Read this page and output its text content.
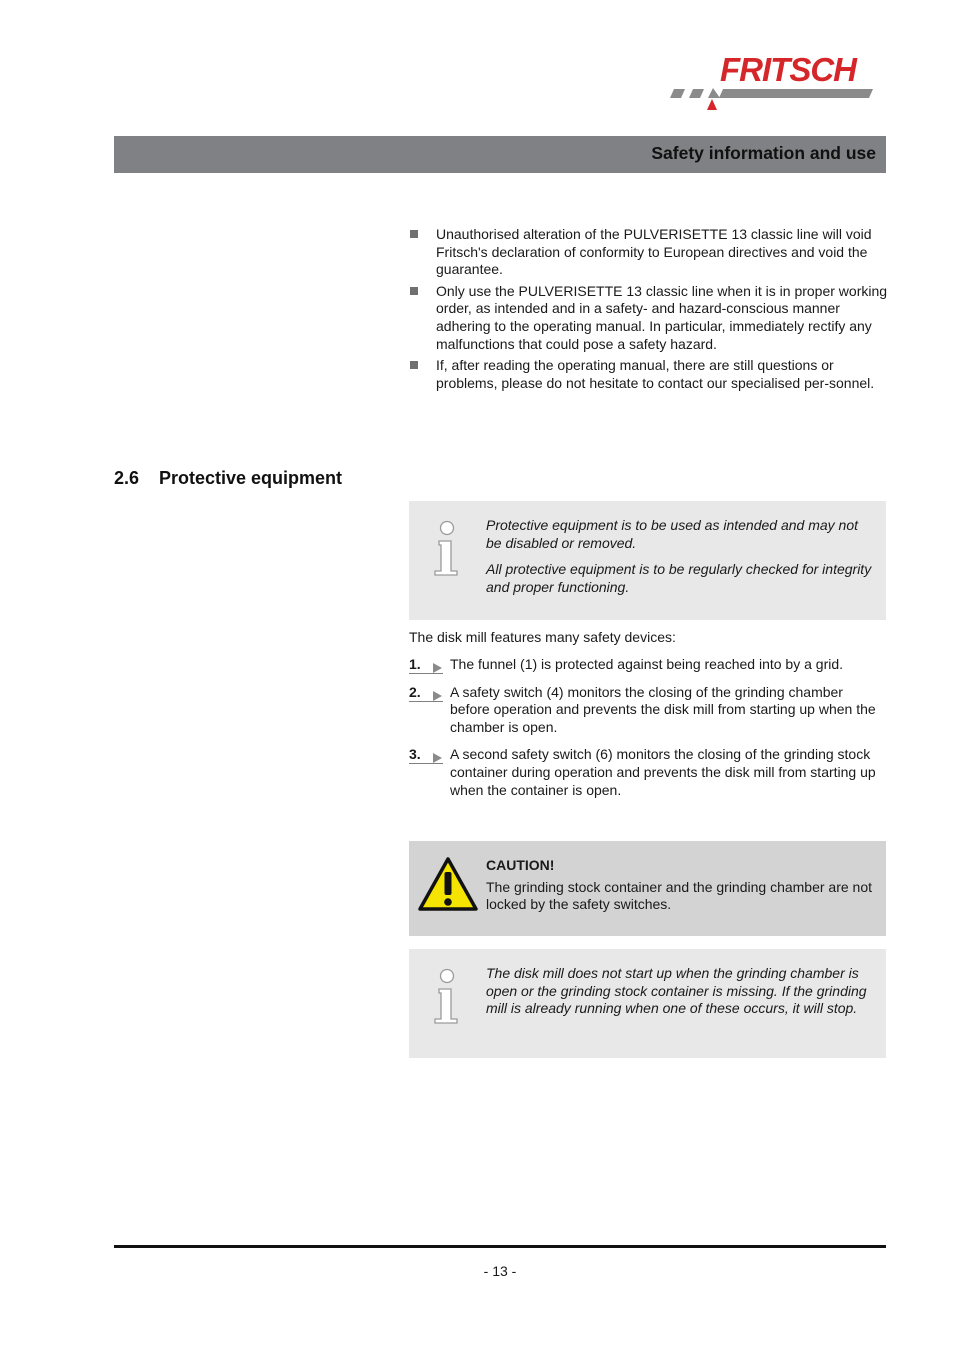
FRITSCH
Safety information and use
Unauthorised alteration of the PULVERISETTE 13 classic line will void Fritsch's declaration of conformity to European directives and void the guarantee.
Only use the PULVERISETTE 13 classic line when it is in proper working order, as intended and in a safety- and hazard-conscious manner adhering to the operating manual. In particular, immediately rectify any malfunctions that could pose a safety hazard.
If, after reading the operating manual, there are still questions or problems, please do not hesitate to contact our specialised per-sonnel.
2.6 Protective equipment

Protective equipment is to be used as intended and may not be disabled or removed.

All protective equipment is to be regularly checked for integrity and proper functioning.

The disk mill features many safety devices:
1.	The funnel (1) is protected against being reached into by a grid.
2.	A safety switch (4) monitors the closing of the grinding chamber before operation and prevents the disk mill from starting up when the chamber is open.
3.	A second safety switch (6) monitors the closing of the grinding stock container during operation and prevents the disk mill from starting up when the container is open.
CAUTION!
The grinding stock container and the grinding chamber are not locked by the safety switches.

The disk mill does not start up when the grinding chamber is open or the grinding stock container is missing. If the grinding mill is already running when one of these occurs, it will stop.

- 13 -
